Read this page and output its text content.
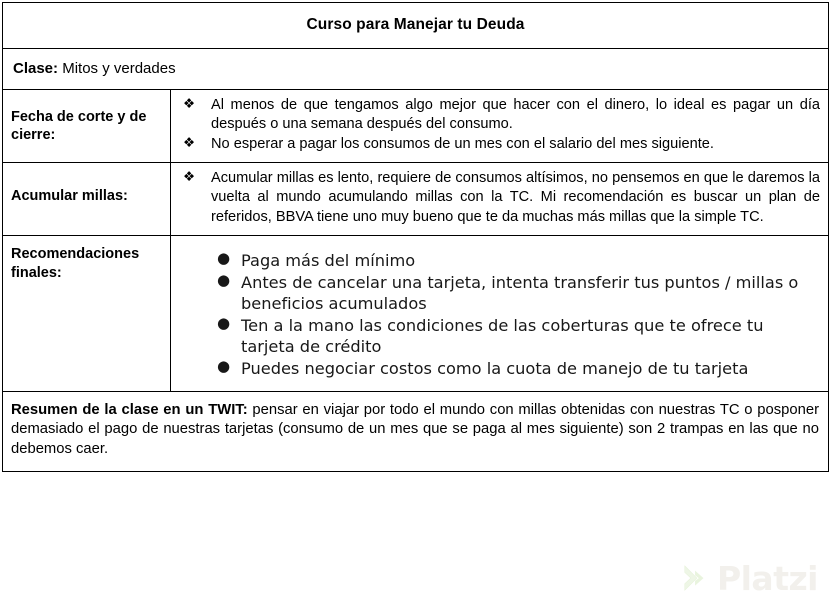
Platzi
Curso para Manejar tu Deuda	
Clase: Mitos y verdades	
Fecha de corte y de cierre:	
❖ Al menos de que tengamos algo mejor que hacer con el dinero, lo ideal es pagar un día después o una semana después del consumo.
❖ No esperar a pagar los consumos de un mes con el salario del mes siguiente.

Acumular millas:	
❖ Acumular millas es lento, requiere de consumos altísimos, no pensemos en que le daremos la vuelta al mundo acumulando millas con la TC. Mi recomendación es buscar un plan de referidos, BBVA tiene uno muy bueno que te da muchas más millas que la simple TC.

Recomendaciones finales:	
● Paga más del mínimo
● Antes de cancelar una tarjeta, intenta transferir tus puntos / millas o beneficios acumulados
● Ten a la mano las condiciones de las coberturas que te ofrece tu tarjeta de crédito
● Puedes negociar costos como la cuota de manejo de tu tarjeta

Resumen de la clase en un TWIT: pensar en viajar por todo el mundo con millas obtenidas con nuestras TC o posponer demasiado el pago de nuestras tarjetas (consumo de un mes que se paga al mes siguiente) son 2 trampas en las que no debemos caer.	
